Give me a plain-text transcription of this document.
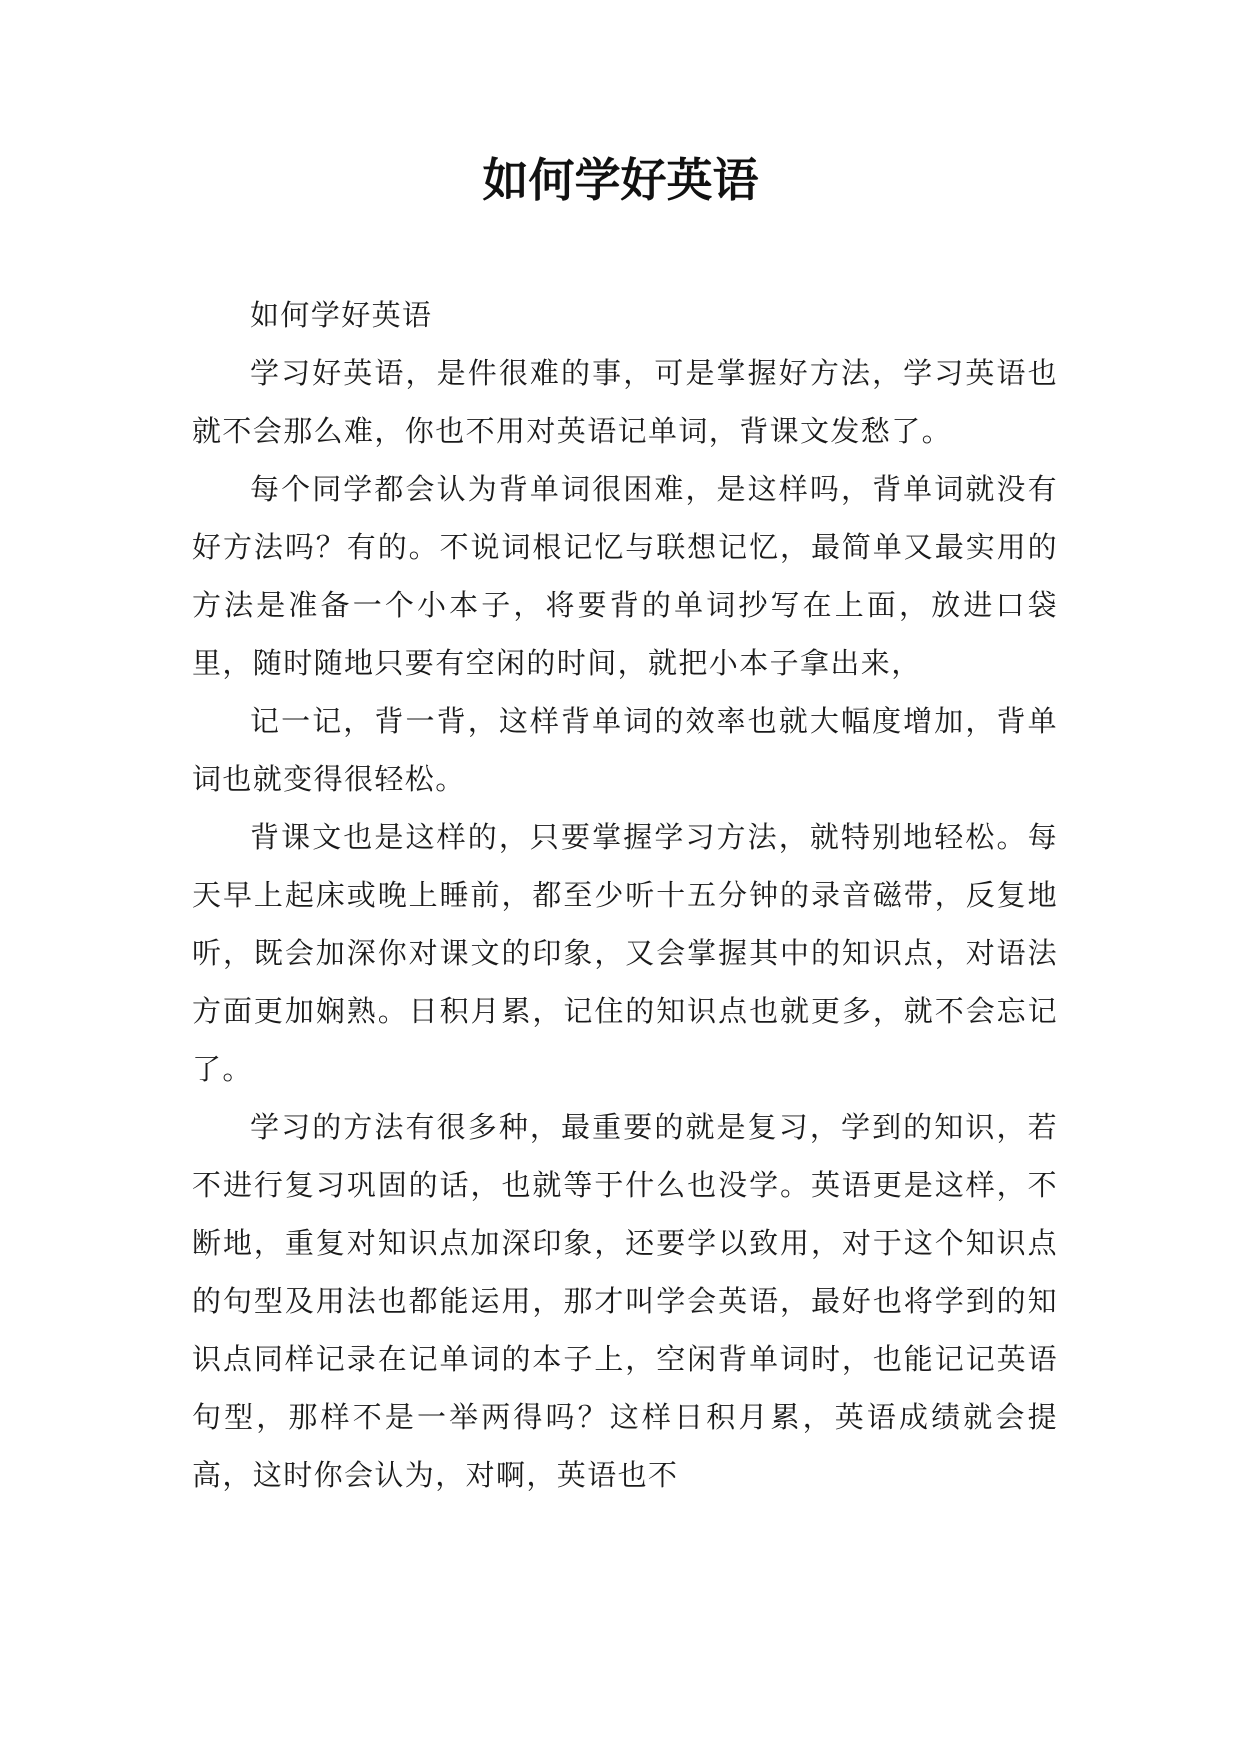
如何学好英语

如何学好英语

学习好英语，是件很难的事，可是掌握好方法，学习英语也就不会那么难，你也不用对英语记单词，背课文发愁了。

每个同学都会认为背单词很困难，是这样吗，背单词就没有好方法吗？有的。不说词根记忆与联想记忆，最简单又最实用的方法是准备一个小本子，将要背的单词抄写在上面，放进口袋里，随时随地只要有空闲的时间，就把小本子拿出来，

记一记，背一背，这样背单词的效率也就大幅度增加，背单词也就变得很轻松。

背课文也是这样的，只要掌握学习方法，就特别地轻松。每天早上起床或晚上睡前，都至少听十五分钟的录音磁带，反复地听，既会加深你对课文的印象，又会掌握其中的知识点，对语法方面更加娴熟。日积月累，记住的知识点也就更多，就不会忘记了。

学习的方法有很多种，最重要的就是复习，学到的知识，若不进行复习巩固的话，也就等于什么也没学。英语更是这样，不断地，重复对知识点加深印象，还要学以致用，对于这个知识点的句型及用法也都能运用，那才叫学会英语，最好也将学到的知识点同样记录在记单词的本子上，空闲背单词时，也能记记英语句型，那样不是一举两得吗？这样日积月累，英语成绩就会提高，这时你会认为，对啊，英语也不
